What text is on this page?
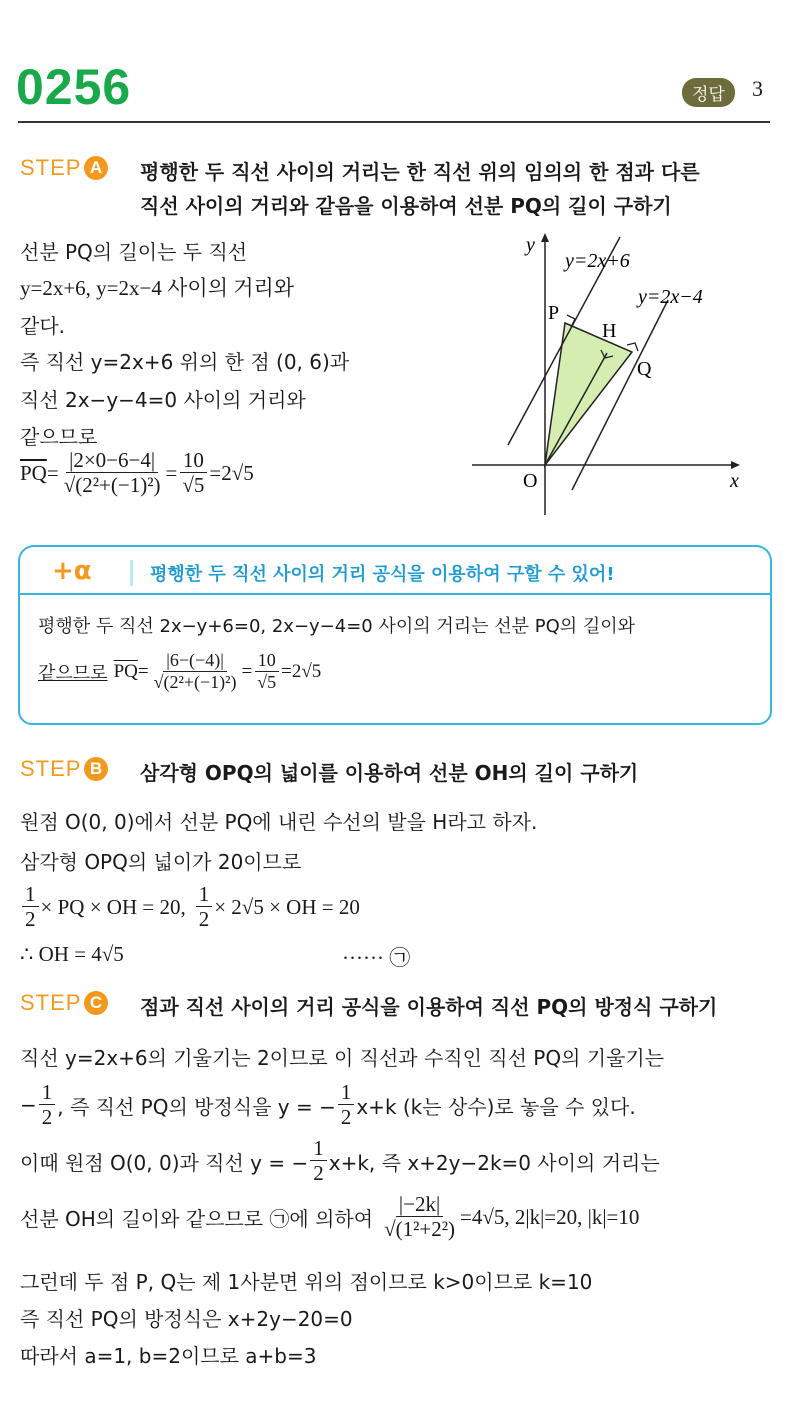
0256	정답	3
STEP A 평행한 두 직선 사이의 거리는 한 직선 위의 임의의 한 점과 다른
직선 사이의 거리와 같음을 이용하여 선분 PQ의 길이 구하기
선분 PQ의 길이는 두 직선
y=2x+6, y=2x−4 사이의 거리와
같다.
즉 직선 y=2x+6 위의 한 점 (0, 6)과
직선 2x−y−4=0 사이의 거리와
같으므로
$\overline{PQ} = \frac{|2\times 0-6-4|}{\text{√(2²+(−1)²)}} = \frac{10}{√5} =2√5$
y
x
O
y=2x+6
y=2x−4
P
H
Q
+α	평행한 두 직선 사이의 거리 공식을 이용하여 구할 수 있어!
평행한 두 직선 2x−y+6=0, 2x−y−4=0 사이의 거리는 선분 PQ의 길이와
같으므로 $\overline{PQ} = \frac{|6-(-4)|}{\text{√(2²+(−1)²)}} = \frac{10}{√5} =2√5$
STEP B 삼각형 OPQ의 넓이를 이용하여 선분 OH의 길이 구하기
원점 O(0, 0)에서 선분 PQ에 내린 수선의 발을 H라고 하자.
삼각형 OPQ의 넓이가 20이므로
$\frac{1}{2}$ × PQ × OH = 20, $\frac{1}{2} \times 2√5$ × OH = 20
∴ OH = 4√5	······ ㉠
STEP C 점과 직선 사이의 거리 공식을 이용하여 직선 PQ의 방정식 구하기
직선 y=2x+6의 기울기는 2이므로 이 직선과 수직인 직선 PQ의 기울기는
− $\frac{1}{2}$ , 즉 직선 PQ의 방정식을 y = − $\frac{1}{2} x+k$ (k는 상수)로 놓을 수 있다.
이때 원점 O(0, 0)과 직선 y = − $\frac{1}{2} x+k$, 즉 x+2y−2k=0 사이의 거리는
선분 OH의 길이와 같으므로 ㉠에 의하여 $\frac{|-2k|}{\text{√(1²+2²)}} =4√5$, 2|k|=20, |k|=10
그런데 두 점 P, Q는 제 1사분면 위의 점이므로 k>0이므로 k=10
즉 직선 PQ의 방정식은 x+2y−20=0
따라서 a=1, b=2이므로 a+b=3
